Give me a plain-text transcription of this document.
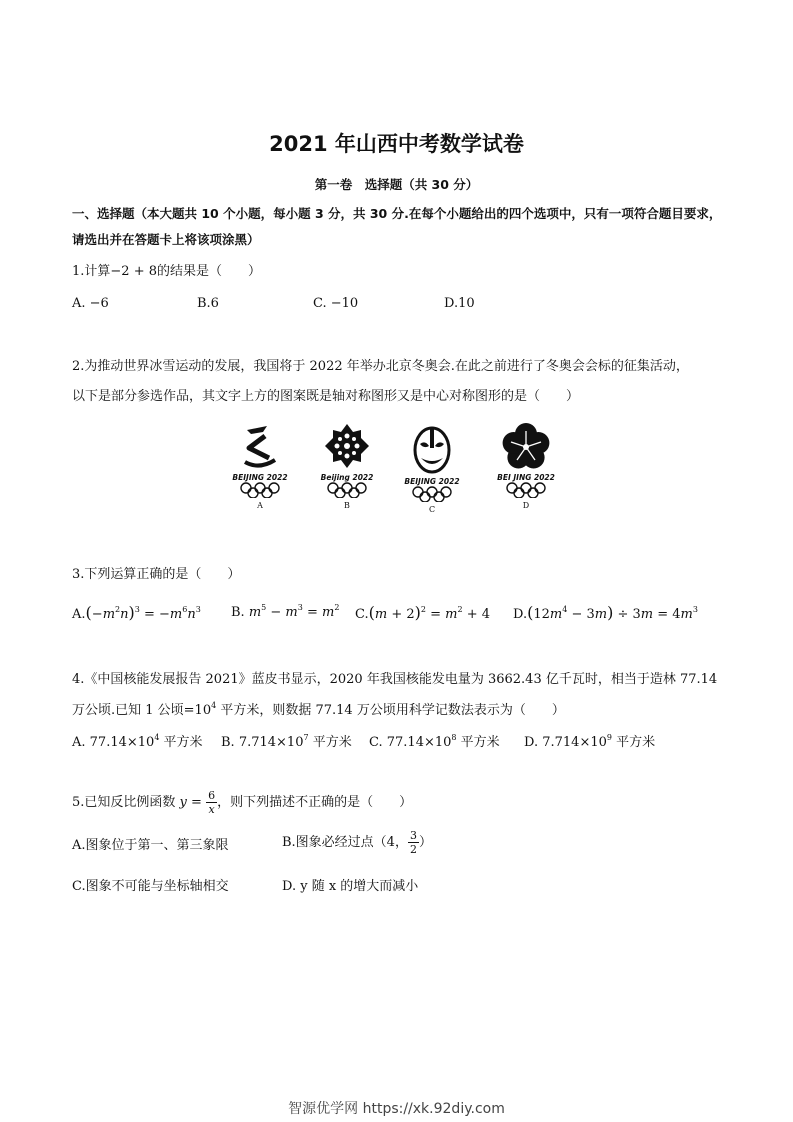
2021 年山西中考数学试卷
第一卷　选择题（共 30 分）
一、选择题（本大题共 10 个小题，每小题 3 分，共 30 分.在每个小题给出的四个选项中，只有一项符合题目要求，请选出并在答题卡上将该项涂黑）
1.计算−2 + 8的结果是（　　）
A. −6	B.6	C. −10	D.10
2.为推动世界冰雪运动的发展，我国将于 2022 年举办北京冬奥会.在此之前进行了冬奥会会标的征集活动，
以下是部分参选作品，其文字上方的图案既是轴对称图形又是中心对称图形的是（　　）
BEIJING 2022
A
Beijing 2022
B
BEIJING 2022
C
BEI JING 2022
D
3.下列运算正确的是（　　）
$A.(-m^2n)^3 = -m^6n^3$ B. $m^5 - m^3 = m^2$ $C.(m + 2)^2 = m^2 + 4$ $D.(12m^4 - 3m) \div 3m = 4m^3$
4.《中国核能发展报告 2021》蓝皮书显示，2020 年我国核能发电量为 3662.43 亿千瓦时，相当于造林 77.14
万公顷.已知 1 公顷$=10^4$ 平方米，则数据 77.14 万公顷用科学记数法表示为（　　）
A. $77.14\times 10^4$ 平方米 B. $7.714\times 10^7$ 平方米 C. $77.14\times 10^8$ 平方米 D. $7.714\times 10^9$ 平方米
5.已知反比例函数 $y = \frac{6}{x}$ ，则下列描述不正确的是（　　）
A.图象位于第一、第三象限	B.图象必经过点（4， $\frac{3}{2}$ ）
C.图象不可能与坐标轴相交	D. y 随 x 的增大而减小
智源优学网 https://xk.92diy.com
